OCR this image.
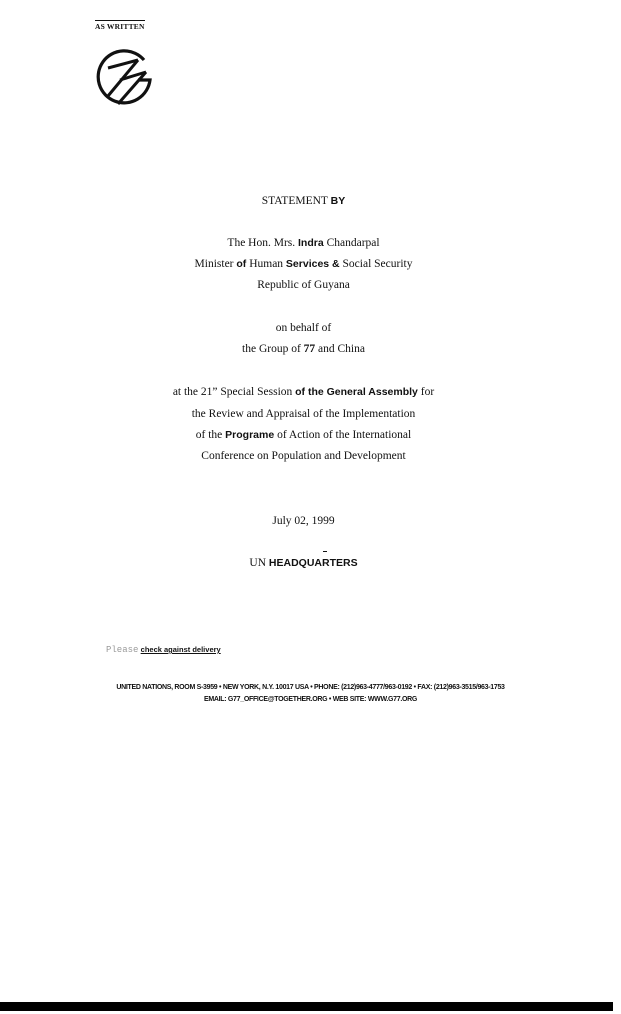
AS WRITTEN
STATEMENT BY
The Hon. Mrs. Indra Chandarpal
Minister of Human Services & Social Security
Republic of Guyana
on behalf of
the Group of 77 and China
at the 21” Special Session of the General Assembly for
the Review and Appraisal of the Implementation
of the Programe of Action of the International
Conference on Population and Development
July 02, 1999
UN HEADQUARTERS
Please check against delivery
UNITED NATIONS, ROOM S-3959 • NEW YORK, N.Y. 10017 USA • PHONE: (212)963-4777/963-0192 • FAX: (212)963-3515/963-1753
EMAIL: G77_OFFICE@TOGETHER.ORG • WEB SITE: WWW.G77.ORG
